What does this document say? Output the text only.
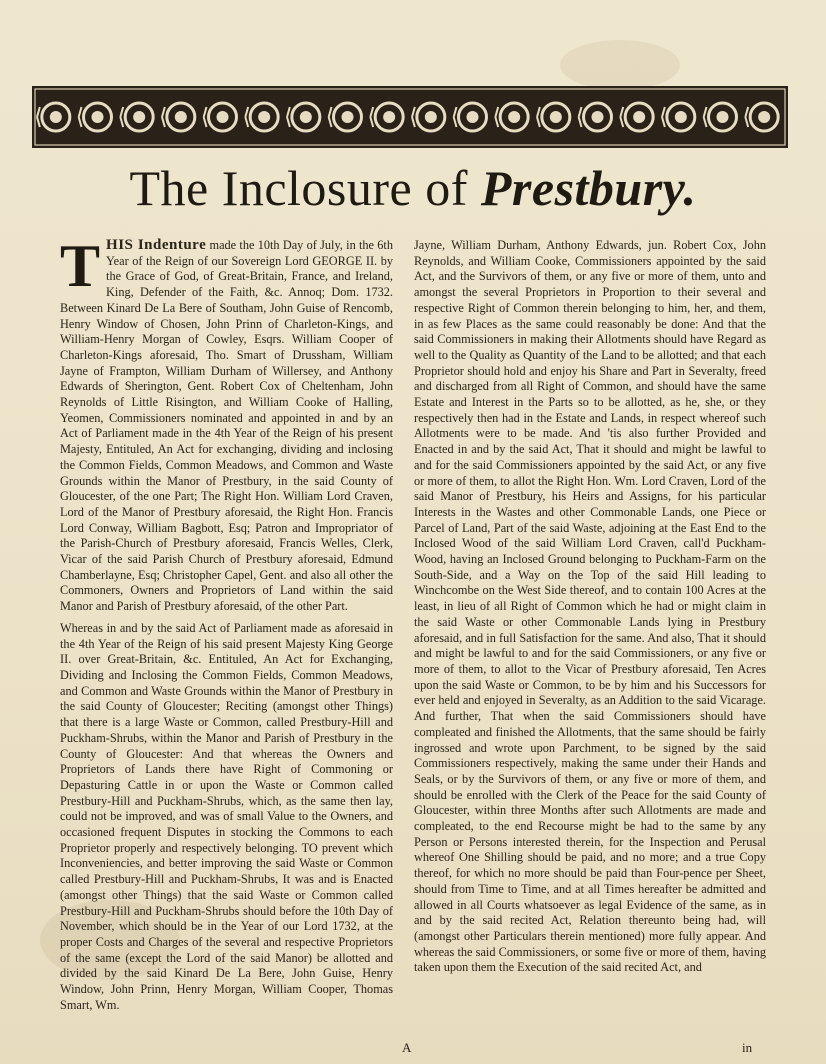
The Inclosure of Prestbury.

T HIS Indenture made the 10th Day of July, in the 6th Year of the Reign of our Sovereign Lord GEORGE II. by the Grace of God, of Great-Britain, France, and Ireland, King, Defender of the Faith, &c. Annoq; Dom. 1732. Between Kinard De La Bere of Southam, John Guise of Rencomb, Henry Window of Chosen, John Prinn of Charleton-Kings, and William-Henry Morgan of Cowley, Esqrs. William Cooper of Charleton-Kings aforesaid, Tho. Smart of Drussham, William Jayne of Frampton, William Durham of Willersey, and Anthony Edwards of Sherington, Gent. Robert Cox of Cheltenham, John Reynolds of Little Risington, and William Cooke of Halling, Yeomen, Commissioners nominated and appointed in and by an Act of Parliament made in the 4th Year of the Reign of his present Majesty, Entituled, An Act for exchanging, dividing and inclosing the Common Fields, Common Meadows, and Common and Waste Grounds within the Manor of Prestbury, in the said County of Gloucester, of the one Part; The Right Hon. William Lord Craven, Lord of the Manor of Prestbury aforesaid, the Right Hon. Francis Lord Conway, William Bagbott, Esq; Patron and Impropriator of the Parish-Church of Prestbury aforesaid, Francis Welles, Clerk, Vicar of the said Parish Church of Prestbury aforesaid, Edmund Chamberlayne, Esq; Christopher Capel, Gent. and also all other the Commoners, Owners and Proprietors of Land within the said Manor and Parish of Prestbury aforesaid, of the other Part.

Whereas in and by the said Act of Parliament made as aforesaid in the 4th Year of the Reign of his said present Majesty King George II. over Great-Britain, &c. Entituled, An Act for Exchanging, Dividing and Inclosing the Common Fields, Common Meadows, and Common and Waste Grounds within the Manor of Prestbury in the said County of Gloucester; Reciting (amongst other Things) that there is a large Waste or Common, called Prestbury-Hill and Puckham-Shrubs, within the Manor and Parish of Prestbury in the County of Gloucester: And that whereas the Owners and Proprietors of Lands there have Right of Commoning or Depasturing Cattle in or upon the Waste or Common called Prestbury-Hill and Puckham-Shrubs, which, as the same then lay, could not be improved, and was of small Value to the Owners, and occasioned frequent Disputes in stocking the Commons to each Proprietor properly and respectively belonging. TO prevent which Inconveniencies, and better improving the said Waste or Common called Prestbury-Hill and Puckham-Shrubs, It was and is Enacted (amongst other Things) that the said Waste or Common called Prestbury-Hill and Puckham-Shrubs should before the 10th Day of November, which should be in the Year of our Lord 1732, at the proper Costs and Charges of the several and respective Proprietors of the same (except the Lord of the said Manor) be allotted and divided by the said Kinard De La Bere, John Guise, Henry Window, John Prinn, Henry Morgan, William Cooper, Thomas Smart, Wm.

Jayne, William Durham, Anthony Edwards, jun. Robert Cox, John Reynolds, and William Cooke, Commissioners appointed by the said Act, and the Survivors of them, or any five or more of them, unto and amongst the several Proprietors in Proportion to their several and respective Right of Common therein belonging to him, her, and them, in as few Places as the same could reasonably be done: And that the said Commissioners in making their Allotments should have Regard as well to the Quality as Quantity of the Land to be allotted; and that each Proprietor should hold and enjoy his Share and Part in Severalty, freed and discharged from all Right of Common, and should have the same Estate and Interest in the Parts so to be allotted, as he, she, or they respectively then had in the Estate and Lands, in respect whereof such Allotments were to be made. And 'tis also further Provided and Enacted in and by the said Act, That it should and might be lawful to and for the said Commissioners appointed by the said Act, or any five or more of them, to allot the Right Hon. Wm. Lord Craven, Lord of the said Manor of Prestbury, his Heirs and Assigns, for his particular Interests in the Wastes and other Commonable Lands, one Piece or Parcel of Land, Part of the said Waste, adjoining at the East End to the Inclosed Wood of the said William Lord Craven, call'd Puckham-Wood, having an Inclosed Ground belonging to Puckham-Farm on the South-Side, and a Way on the Top of the said Hill leading to Winchcombe on the West Side thereof, and to contain 100 Acres at the least, in lieu of all Right of Common which he had or might claim in the said Waste or other Commonable Lands lying in Prestbury aforesaid, and in full Satisfaction for the same. And also, That it should and might be lawful to and for the said Commissioners, or any five or more of them, to allot to the Vicar of Prestbury aforesaid, Ten Acres upon the said Waste or Common, to be by him and his Successors for ever held and enjoyed in Severalty, as an Addition to the said Vicarage. And further, That when the said Commissioners should have compleated and finished the Allotments, that the same should be fairly ingrossed and wrote upon Parchment, to be signed by the said Commissioners respectively, making the same under their Hands and Seals, or by the Survivors of them, or any five or more of them, and should be enrolled with the Clerk of the Peace for the said County of Gloucester, within three Months after such Allotments are made and compleated, to the end Recourse might be had to the same by any Person or Persons interested therein, for the Inspection and Perusal whereof One Shilling should be paid, and no more; and a true Copy thereof, for which no more should be paid than Four-pence per Sheet, should from Time to Time, and at all Times hereafter be admitted and allowed in all Courts whatsoever as legal Evidence of the same, as in and by the said recited Act, Relation thereunto being had, will (amongst other Particulars therein mentioned) more fully appear. And whereas the said Commissioners, or some five or more of them, having taken upon them the Execution of the said recited Act, and

A	in
